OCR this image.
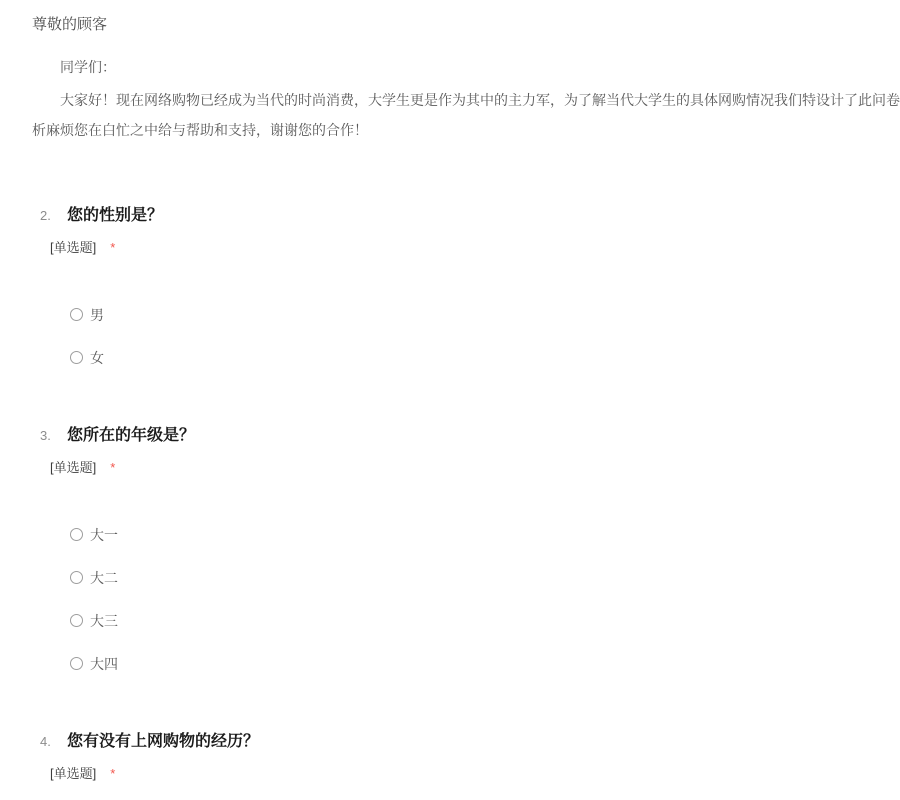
尊敬的顾客
同学们：
大家好！现在网络购物已经成为当代的时尚消费，大学生更是作为其中的主力军，为了解当代大学生的具体网购情况我们特设计了此问卷
析麻烦您在白忙之中给与帮助和支持，谢谢您的合作！
2. 您的性别是？
[单选题] *
男
女
3. 您所在的年级是？
[单选题] *
大一
大二
大三
大四
4. 您有没有上网购物的经历？
[单选题] *
